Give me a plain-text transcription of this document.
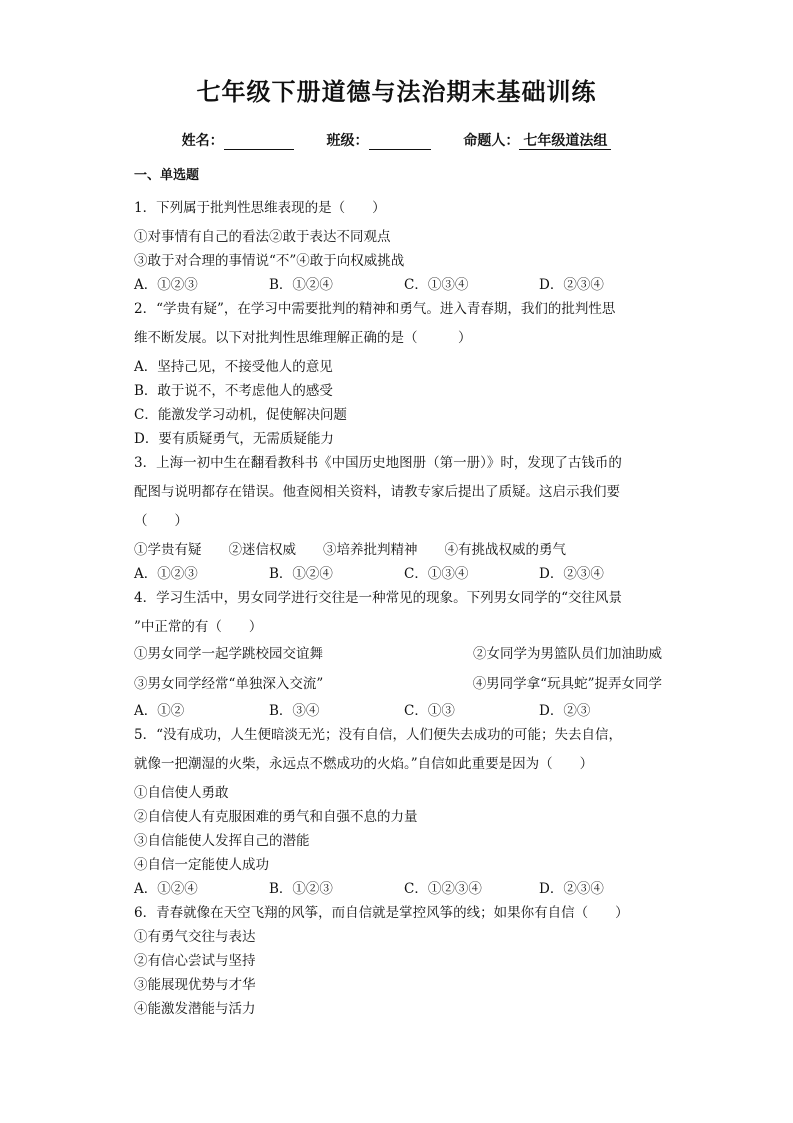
七年级下册道德与法治期末基础训练
姓名：	班级：	命题人： 七年级道法组
一、单选题
1．下列属于批判性思维表现的是（　　）
①对事情有自己的看法②敢于表达不同观点
③敢于对合理的事情说“不”④敢于向权威挑战
A．①②③	B．①②④	C．①③④	D．②③④
2．“学贵有疑”，在学习中需要批判的精神和勇气。进入青春期，我们的批判性思
维不断发展。以下对批判性思维理解正确的是（　　　）
A．坚持己见，不接受他人的意见
B．敢于说不，不考虑他人的感受
C．能激发学习动机，促使解决问题
D．要有质疑勇气，无需质疑能力
3．上海一初中生在翻看教科书《中国历史地图册（第一册）》时，发现了古钱币的
配图与说明都存在错误。他查阅相关资料，请教专家后提出了质疑。这启示我们要
（　　）
①学贵有疑　　②迷信权威　　③培养批判精神　　④有挑战权威的勇气
A．①②③	B．①②④	C．①③④	D．②③④
4．学习生活中，男女同学进行交往是一种常见的现象。下列男女同学的“交往风景
”中正常的有（　　）
①男女同学一起学跳校园交谊舞	②女同学为男篮队员们加油助威
③男女同学经常“单独深入交流”	④男同学拿“玩具蛇”捉弄女同学
A．①②	B．③④	C．①③	D．②③
5．“没有成功，人生便暗淡无光；没有自信，人们便失去成功的可能；失去自信，
就像一把潮湿的火柴，永远点不燃成功的火焰。”自信如此重要是因为（　　）
①自信使人勇敢
②自信使人有克服困难的勇气和自强不息的力量
③自信能使人发挥自己的潜能
④自信一定能使人成功
A．①②④	B．①②③	C．①②③④	D．②③④
6．青春就像在天空飞翔的风筝，而自信就是掌控风筝的线；如果你有自信（　　）
①有勇气交往与表达
②有信心尝试与坚持
③能展现优势与才华
④能激发潜能与活力
